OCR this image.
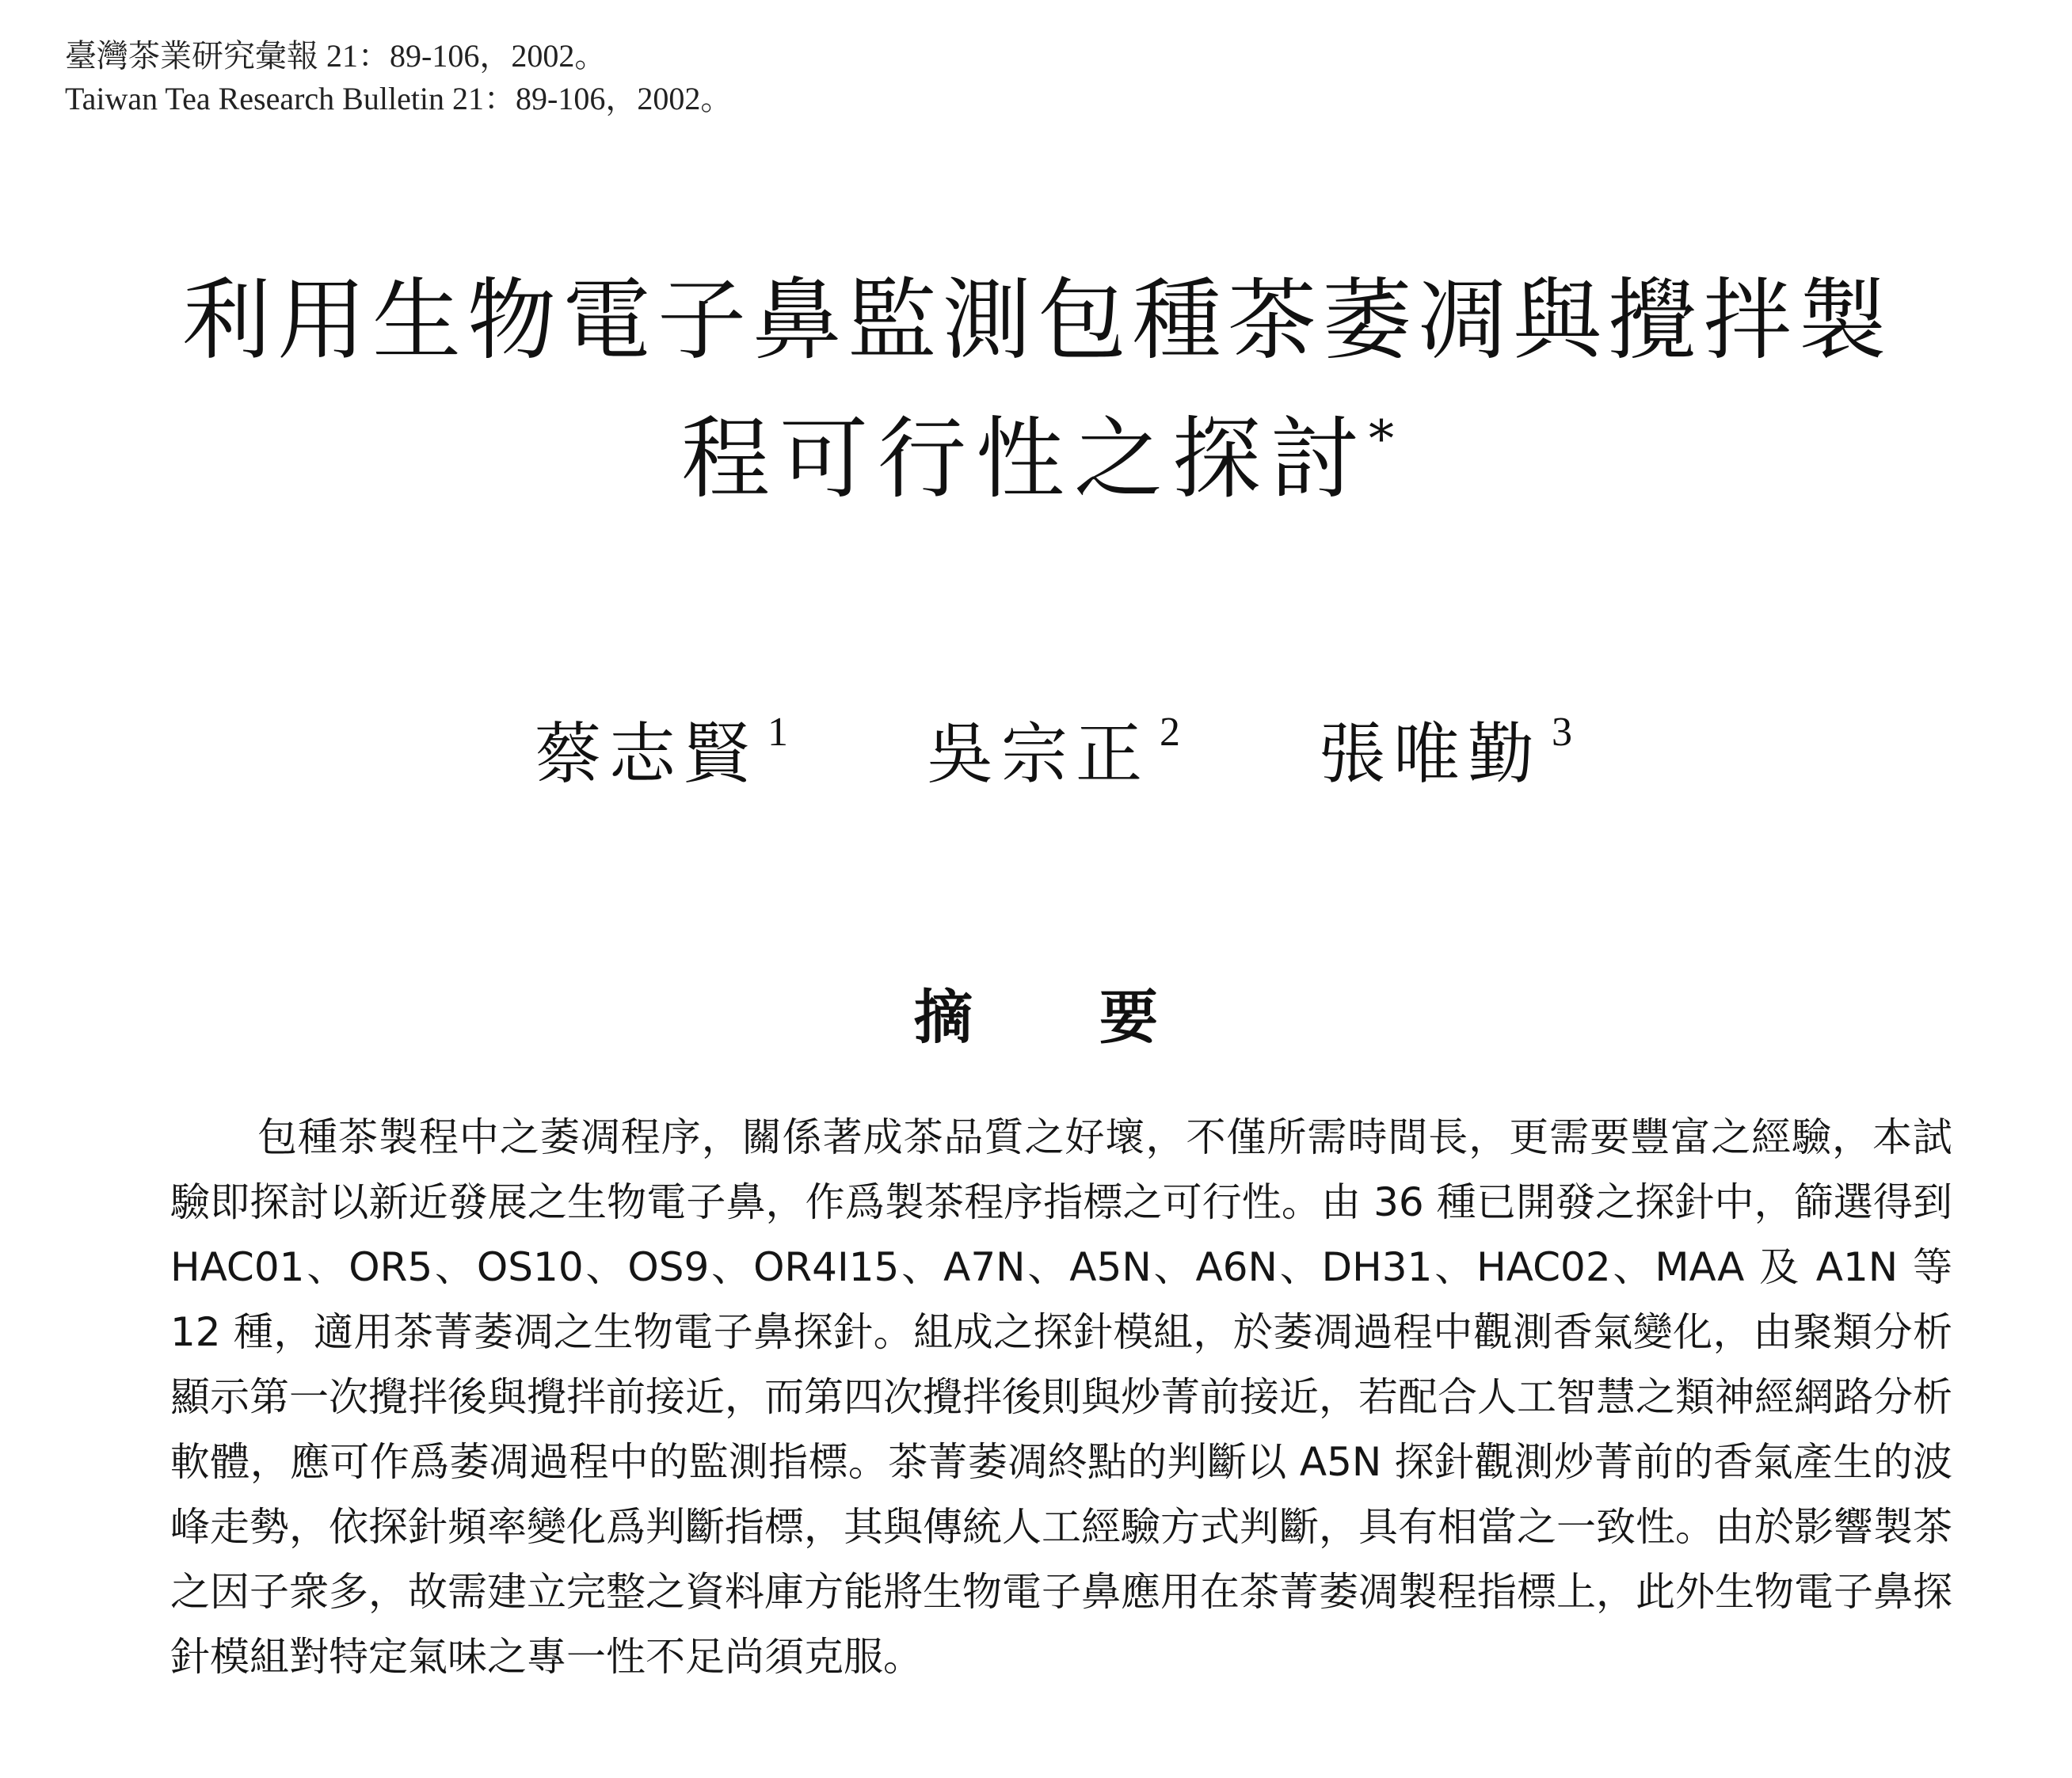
臺灣茶業研究彙報 21：89-106，2002。
Taiwan Tea Research Bulletin 21：89-106，2002。
利用生物電子鼻監測包種茶萎凋與攪拌製
程可行性之探討*
蔡志賢 $^1$ 吳宗正 $^2$ 張唯勤 $^3$
摘 要
包種茶製程中之萎凋程序，關係著成茶品質之好壞，不僅所需時間長，更需要豐富之經驗，本試驗即探討以新近發展之生物電子鼻，作爲製茶程序指標之可行性。由 36 種已開發之探針中，篩選得到 HAC01、OR5、OS10、OS9、OR4I15、A7N、A5N、A6N、DH31、HAC02、MAA 及 A1N 等 12 種，適用茶菁萎凋之生物電子鼻探針。組成之探針模組，於萎凋過程中觀測香氣變化，由聚類分析顯示第一次攪拌後與攪拌前接近，而第四次攪拌後則與炒菁前接近，若配合人工智慧之類神經網路分析軟體，應可作爲萎凋過程中的監測指標。茶菁萎凋終點的判斷以 A5N 探針觀測炒菁前的香氣產生的波峰走勢，依探針頻率變化爲判斷指標，其與傳統人工經驗方式判斷，具有相當之一致性。由於影響製茶之因子衆多，故需建立完整之資料庫方能將生物電子鼻應用在茶菁萎凋製程指標上，此外生物電子鼻探針模組對特定氣味之專一性不足尚須克服。
